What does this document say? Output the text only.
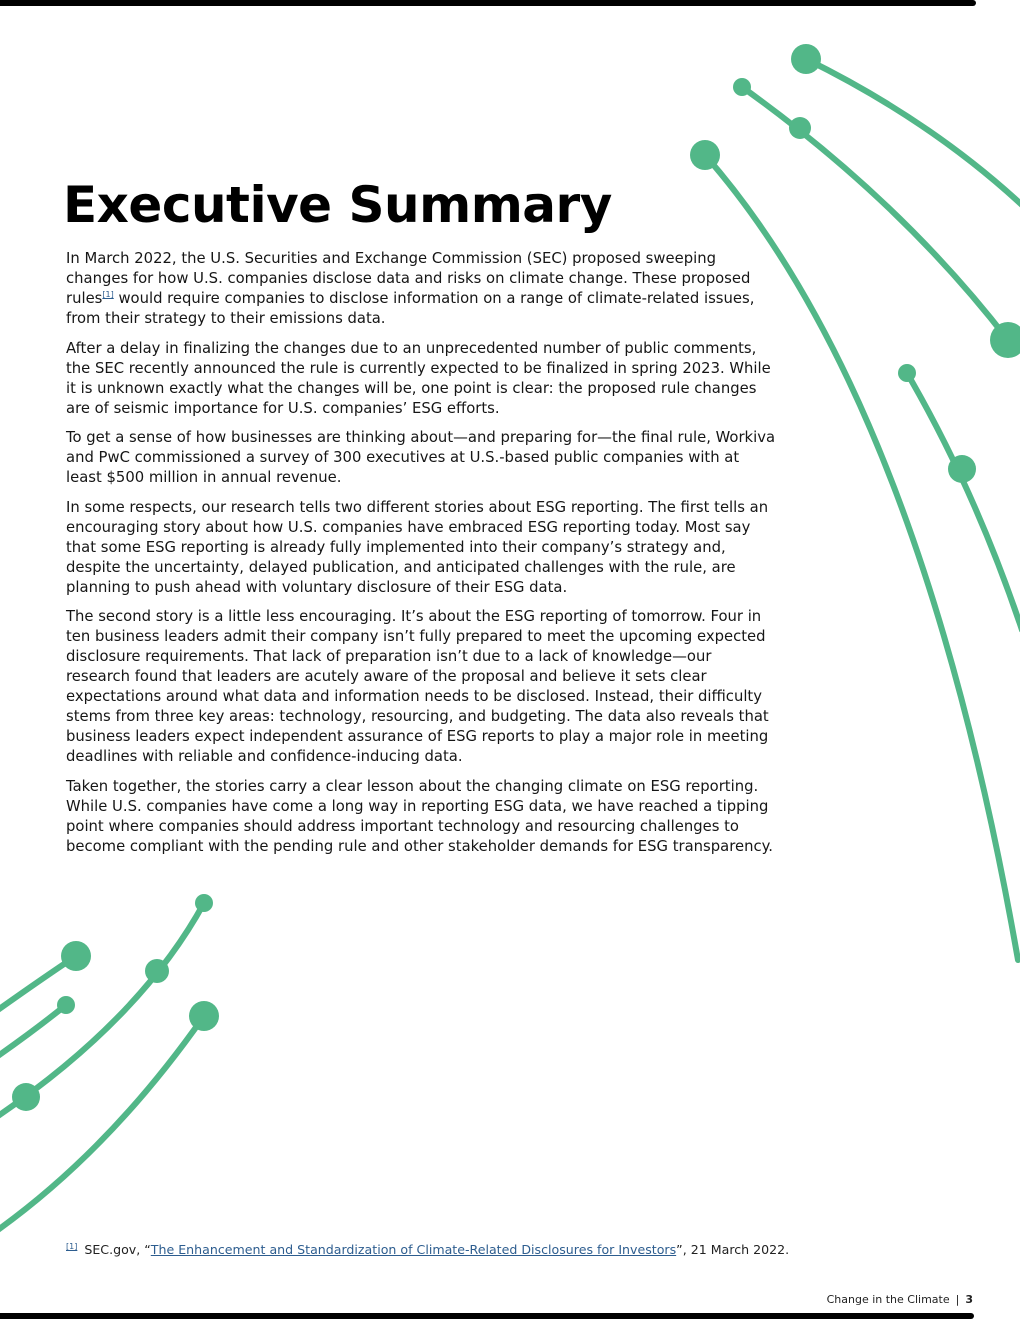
Executive Summary

In March 2022, the U.S. Securities and Exchange Commission (SEC) proposed sweeping changes for how U.S. companies disclose data and risks on climate change. These proposed rules[1] would require companies to disclose information on a range of climate-related issues, from their strategy to their emissions data.

After a delay in finalizing the changes due to an unprecedented number of public comments, the SEC recently announced the rule is currently expected to be finalized in spring 2023. While it is unknown exactly what the changes will be, one point is clear: the proposed rule changes are of seismic importance for U.S. companies’ ESG efforts.

To get a sense of how businesses are thinking about—and preparing for—the final rule, Workiva and PwC commissioned a survey of 300 executives at U.S.-based public companies with at least $500 million in annual revenue.

In some respects, our research tells two different stories about ESG reporting. The first tells an encouraging story about how U.S. companies have embraced ESG reporting today. Most say that some ESG reporting is already fully implemented into their company’s strategy and, despite the uncertainty, delayed publication, and anticipated challenges with the rule, are planning to push ahead with voluntary disclosure of their ESG data.

The second story is a little less encouraging. It’s about the ESG reporting of tomorrow. Four in ten business leaders admit their company isn’t fully prepared to meet the upcoming expected disclosure requirements. That lack of preparation isn’t due to a lack of knowledge—our research found that leaders are acutely aware of the proposal and believe it sets clear expectations around what data and information needs to be disclosed. Instead, their difficulty stems from three key areas: technology, resourcing, and budgeting. The data also reveals that business leaders expect independent assurance of ESG reports to play a major role in meeting deadlines with reliable and confidence-inducing data.

Taken together, the stories carry a clear lesson about the changing climate on ESG reporting. While U.S. companies have come a long way in reporting ESG data, we have reached a tipping point where companies should address important technology and resourcing challenges to become compliant with the pending rule and other stakeholder demands for ESG transparency.

[1] SEC.gov, “The Enhancement and Standardization of Climate-Related Disclosures for Investors”, 21 March 2022.
Change in the Climate | 3
